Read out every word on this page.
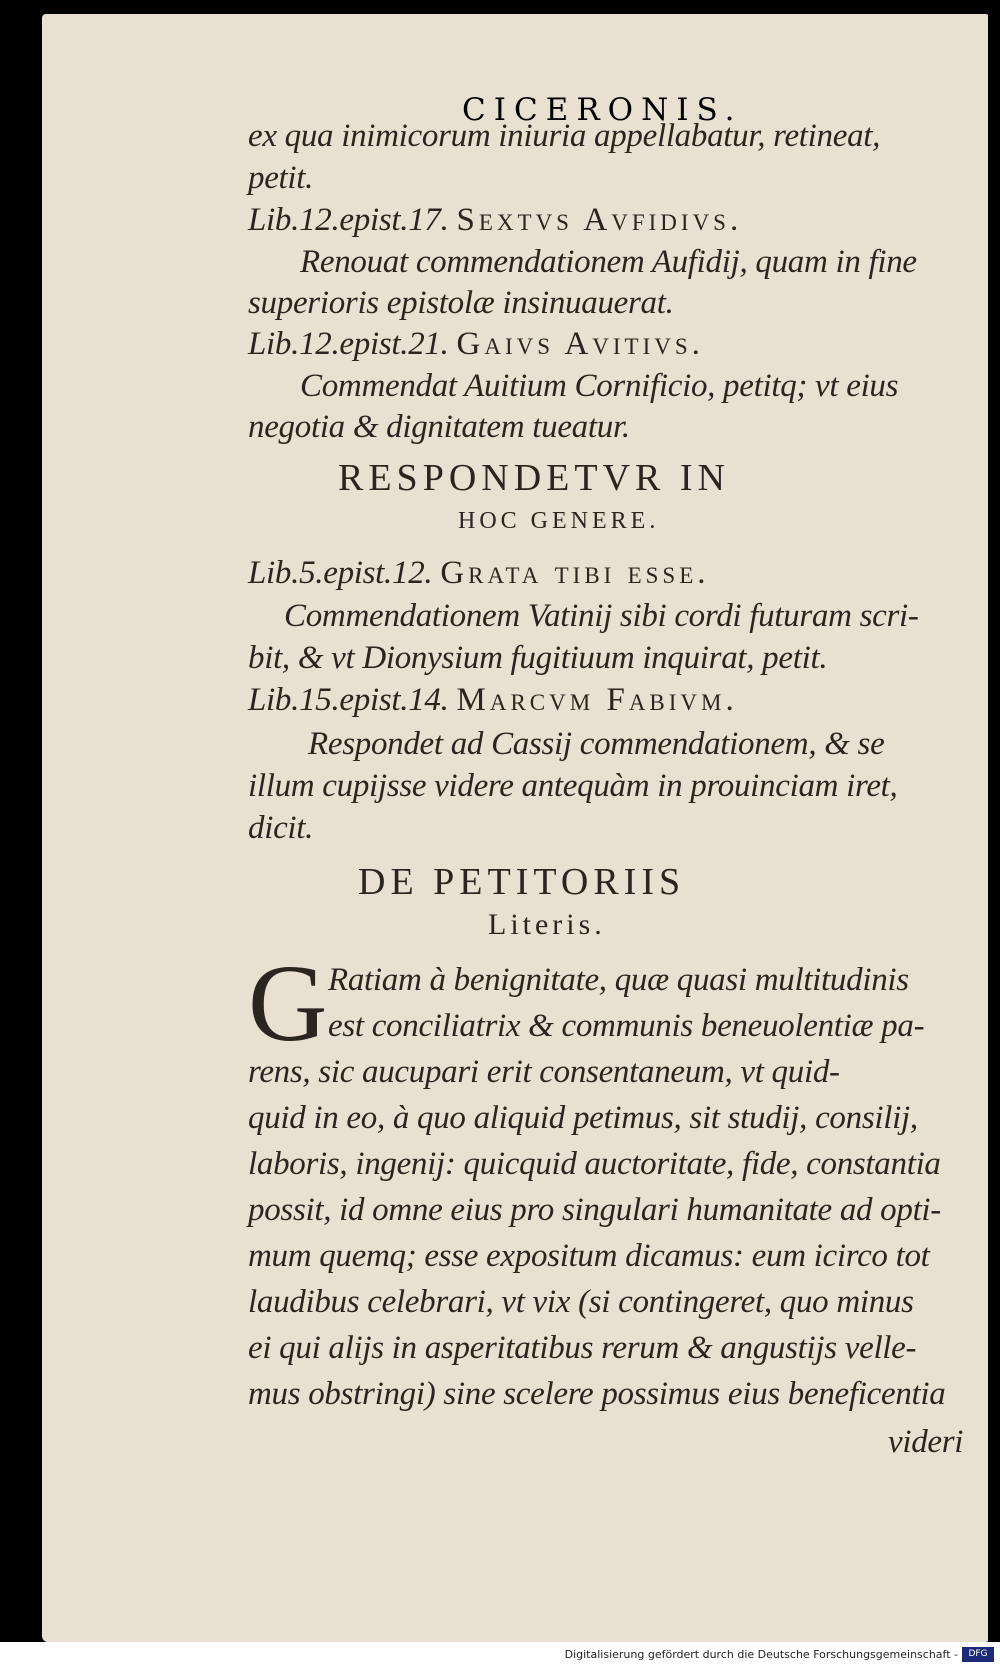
CICERONIS.
ex qua inimicorum iniuria appellabatur, retineat,
petit.
Lib.12.epist.17. Sextvs Avfidivs.
Renouat commendationem Aufidij, quam in fine
superioris epistolæ insinuauerat.
Lib.12.epist.21. Gaivs Avitivs.
Commendat Auitium Cornificio, petitq; vt eius
negotia & dignitatem tueatur.
RESPONDETVR IN
HOC GENERE.
Lib.5.epist.12. Grata tibi esse.
Commendationem Vatinij sibi cordi futuram scri-
bit, & vt Dionysium fugitiuum inquirat, petit.
Lib.15.epist.14. Marcvm Fabivm.
Respondet ad Cassij commendationem, & se
illum cupijsse videre antequàm in prouinciam iret,
dicit.
DE PETITORIIS
Literis.
G Ratiam à benignitate, quæ quasi multitudinis
est conciliatrix & communis beneuolentiæ pa-
rens, sic aucupari erit consentaneum, vt quid-
quid in eo, à quo aliquid petimus, sit studij, consilij,
laboris, ingenij: quicquid auctoritate, fide, constantia
possit, id omne eius pro singulari humanitate ad opti-
mum quemq; esse expositum dicamus: eum icirco tot
laudibus celebrari, vt vix (si contingeret, quo minus
ei qui alijs in asperitatibus rerum & angustijs velle-
mus obstringi) sine scelere possimus eius beneficentia
videri
Digitalisierung gefördert durch die Deutsche Forschungsgemeinschaft -	DFG
